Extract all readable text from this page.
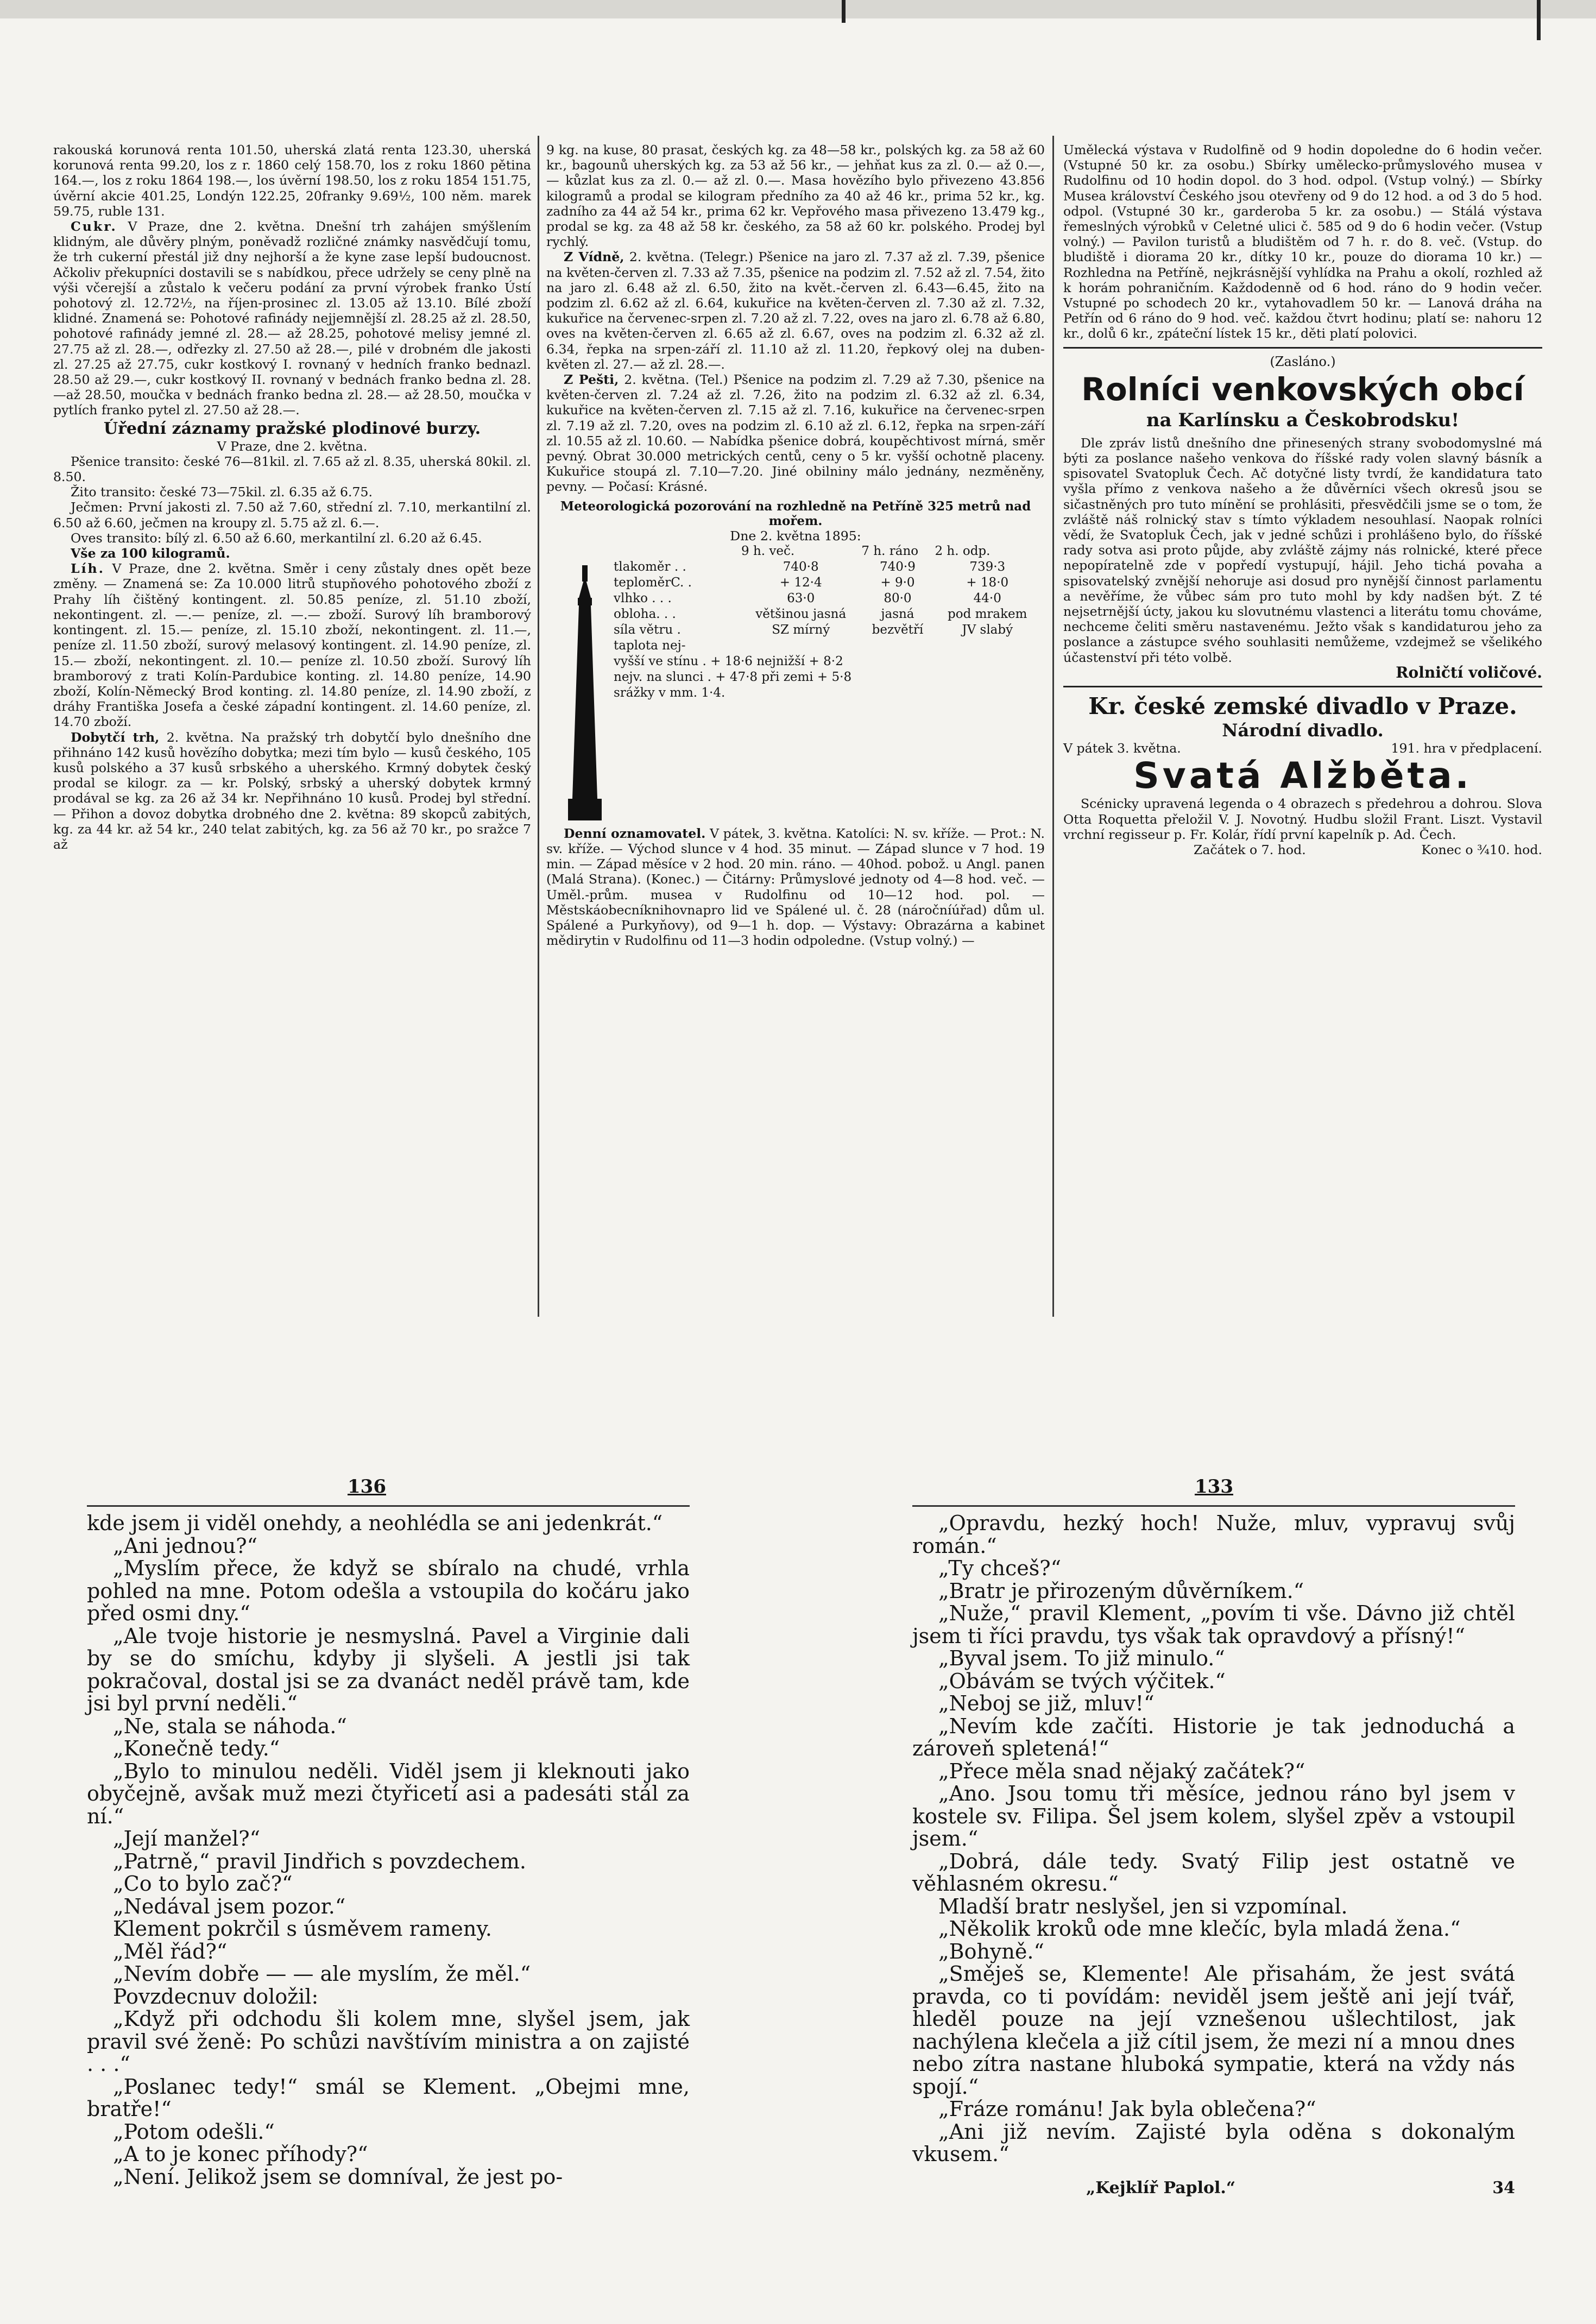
rakouská korunová renta 101.50, uherská zlatá renta 123.30, uherská korunová renta 99.20, los z r. 1860 celý 158.70, los z roku 1860 pětina 164.—, los z roku 1864 198.—, los úvěrní 198.50, los z roku 1854 151.75, úvěrní akcie 401.25, Londýn 122.25, 20franky 9.69½, 100 něm. marek 59.75, ruble 131.

Cukr. V Praze, dne 2. května. Dnešní trh zahájen smýšlením klidným, ale důvěry plným, poněvadž rozličné známky nasvědčují tomu, že trh cukerní přestál již dny nejhorší a že kyne zase lepší budoucnost. Ačkoliv překupníci dostavili se s nabídkou, přece udržely se ceny plně na výši včerejší a zůstalo k večeru podání za první výrobek franko Ústí pohotový zl. 12.72½, na říjen-prosinec zl. 13.05 až 13.10. Bílé zboží klidné. Znamená se: Pohotové rafinády nejjemnější zl. 28.25 až zl. 28.50, pohotové rafinády jemné zl. 28.— až 28.25, pohotové melisy jemné zl. 27.75 až zl. 28.—, odřezky zl. 27.50 až 28.—, pilé v drobném dle jakosti zl. 27.25 až 27.75, cukr kostkový I. rovnaný v hedních franko bednazl. 28.50 až 29.—, cukr kostkový II. rovnaný v bednách franko bedna zl. 28.—až 28.50, moučka v bednách franko bedna zl. 28.— až 28.50, moučka v pytlích franko pytel zl. 27.50 až 28.—.

Úřední záznamy pražské plodinové burzy.

V Praze, dne 2. května.

Pšenice transito: české 76—81kil. zl. 7.65 až zl. 8.35, uherská 80kil. zl. 8.50.

Žito transito: české 73—75kil. zl. 6.35 až 6.75.

Ječmen: První jakosti zl. 7.50 až 7.60, střední zl. 7.10, merkantilní zl. 6.50 až 6.60, ječmen na kroupy zl. 5.75 až zl. 6.—.

Oves transito: bílý zl. 6.50 až 6.60, merkantilní zl. 6.20 až 6.45.

Vše za 100 kilogramů.

Líh. V Praze, dne 2. května. Směr i ceny zůstaly dnes opět beze změny. — Znamená se: Za 10.000 litrů stupňového pohotového zboží z Prahy líh čištěný kontingent. zl. 50.85 peníze, zl. 51.10 zboží, nekontingent. zl. —.— peníze, zl. —.— zboží. Surový líh bramborový kontingent. zl. 15.— peníze, zl. 15.10 zboží, nekontingent. zl. 11.—, peníze zl. 11.50 zboží, surový melasový kontingent. zl. 14.90 peníze, zl. 15.— zboží, nekontingent. zl. 10.— peníze zl. 10.50 zboží. Surový líh bramborový z trati Kolín-Pardubice konting. zl. 14.80 peníze, 14.90 zboží, Kolín-Německý Brod konting. zl. 14.80 peníze, zl. 14.90 zboží, z dráhy Františka Josefa a české západní kontingent. zl. 14.60 peníze, zl. 14.70 zboží.

Dobytčí trh, 2. května. Na pražský trh dobytčí bylo dnešního dne přihnáno 142 kusů hovězího dobytka; mezi tím bylo — kusů českého, 105 kusů polského a 37 kusů srbského a uherského. Krmný dobytek český prodal se kilogr. za — kr. Polský, srbský a uherský dobytek krmný prodával se kg. za 26 až 34 kr. Nepřihnáno 10 kusů. Prodej byl střední. — Přihon a dovoz dobytka drobného dne 2. května: 89 skopců zabitých, kg. za 44 kr. až 54 kr., 240 telat zabitých, kg. za 56 až 70 kr., po sražce 7 až

9 kg. na kuse, 80 prasat, českých kg. za 48—58 kr., polských kg. za 58 až 60 kr., bagounů uherských kg. za 53 až 56 kr., — jehňat kus za zl. 0.— až 0.—, — kůzlat kus za zl. 0.— až zl. 0.—. Masa hovězího bylo přivezeno 43.856 kilogramů a prodal se kilogram předního za 40 až 46 kr., prima 52 kr., kg. zadního za 44 až 54 kr., prima 62 kr. Vepřového masa přivezeno 13.479 kg., prodal se kg. za 48 až 58 kr. českého, za 58 až 60 kr. polského. Prodej byl rychlý.

Z Vídně, 2. května. (Telegr.) Pšenice na jaro zl. 7.37 až zl. 7.39, pšenice na květen-červen zl. 7.33 až 7.35, pšenice na podzim zl. 7.52 až zl. 7.54, žito na jaro zl. 6.48 až zl. 6.50, žito na květ.-červen zl. 6.43—6.45, žito na podzim zl. 6.62 až zl. 6.64, kukuřice na květen-červen zl. 7.30 až zl. 7.32, kukuřice na červenec-srpen zl. 7.20 až zl. 7.22, oves na jaro zl. 6.78 až 6.80, oves na květen-červen zl. 6.65 až zl. 6.67, oves na podzim zl. 6.32 až zl. 6.34, řepka na srpen-září zl. 11.10 až zl. 11.20, řepkový olej na duben-květen zl. 27.— až zl. 28.—.

Z Pešti, 2. května. (Tel.) Pšenice na podzim zl. 7.29 až 7.30, pšenice na květen-červen zl. 7.24 až zl. 7.26, žito na podzim zl. 6.32 až zl. 6.34, kukuřice na květen-červen zl. 7.15 až zl. 7.16, kukuřice na červenec-srpen zl. 7.19 až zl. 7.20, oves na podzim zl. 6.10 až zl. 6.12, řepka na srpen-září zl. 10.55 až zl. 10.60. — Nabídka pšenice dobrá, koupěchtivost mírná, směr pevný. Obrat 30.000 metrických centů, ceny o 5 kr. vyšší ochotně placeny. Kukuřice stoupá zl. 7.10—7.20. Jiné obilniny málo jednány, nezměněny, pevny. — Počasí: Krásné.

Meteorologická pozorování na rozhledně na Petříně 325 metrů nad mořem.
Dne 2. května 1895:
	9 h. več.	7 h. ráno	2 h. odp.
tlakoměr . .	740·8	740·9	739·3
teploměrC. .	+ 12·4	+ 9·0	+ 18·0
vlhko . . .	63·0	80·0	44·0
obloha. . .	většinou jasná	jasná	pod mrakem
síla větru .	SZ mírný	bezvětří	JV slabý
taplota nej-			
vyšší ve stínu . + 18·6 nejnižší + 8·2			
nejv. na slunci . + 47·8 při zemi + 5·8			
srážky v mm. 1·4.			

Denní oznamovatel. V pátek, 3. května. Katolíci: N. sv. kříže. — Prot.: N. sv. kříže. — Východ slunce v 4 hod. 35 minut. — Západ slunce v 7 hod. 19 min. — Západ měsíce v 2 hod. 20 min. ráno. — 40hod. pobož. u Angl. panen (Malá Strana). (Konec.) — Čitárny: Průmyslové jednoty od 4—8 hod. več. — Uměl.-prům. musea v Rudolfinu od 10—12 hod. pol. — Městskáobecníknihovnapro lid ve Spálené ul. č. 28 (náročníúřad) dům ul. Spálené a Purkyňovy), od 9—1 h. dop. — Výstavy: Obrazárna a kabinet mědirytin v Rudolfinu od 11—3 hodin odpoledne. (Vstup volný.) —

Umělecká výstava v Rudolfině od 9 hodin dopoledne do 6 hodin večer. (Vstupné 50 kr. za osobu.) Sbírky umělecko-průmyslového musea v Rudolfinu od 10 hodin dopol. do 3 hod. odpol. (Vstup volný.) — Sbírky Musea království Českého jsou otevřeny od 9 do 12 hod. a od 3 do 5 hod. odpol. (Vstupné 30 kr., garderoba 5 kr. za osobu.) — Stálá výstava řemeslných výrobků v Celetné ulici č. 585 od 9 do 6 hodin večer. (Vstup volný.) — Pavilon turistů a bludištěm od 7 h. r. do 8. več. (Vstup. do bludiště i diorama 20 kr., dítky 10 kr., pouze do diorama 10 kr.) — Rozhledna na Petříně, nejkrásnější vyhlídka na Prahu a okolí, rozhled až k horám pohraničním. Každodenně od 6 hod. ráno do 9 hodin večer. Vstupné po schodech 20 kr., vytahovadlem 50 kr. — Lanová dráha na Petřín od 6 ráno do 9 hod. več. každou čtvrt hodinu; platí se: nahoru 12 kr., dolů 6 kr., zpáteční lístek 15 kr., děti platí polovici.

(Zasláno.)
Rolníci venkovských obcí
na Karlínsku a Českobrodsku!

Dle zpráv listů dnešního dne přinesených strany svobodomyslné má býti za poslance našeho venkova do říšské rady volen slavný básník a spisovatel Svatopluk Čech. Ač dotyčné listy tvrdí, že kandidatura tato vyšla přímo z venkova našeho a že důvěrníci všech okresů jsou se sičastněných pro tuto mínění se prohlásiti, přesvědčili jsme se o tom, že zvláště náš rolnický stav s tímto výkladem nesouhlasí. Naopak rolníci vědí, že Svatopluk Čech, jak v jedné schůzi i prohlášeno bylo, do říšské rady sotva asi proto půjde, aby zvláště zájmy nás rolnické, které přece nepopíratelně zde v popředí vystupují, hájil. Jeho tichá povaha a spisovatelský zvnější nehoruje asi dosud pro nynější činnost parlamentu a nevěříme, že vůbec sám pro tuto mohl by kdy nadšen být. Z té nejsetrnější úcty, jakou ku slovutnému vlastenci a literátu tomu chováme, nechceme čeliti směru nastavenému. Ježto však s kandidaturou jeho za poslance a zástupce svého souhlasiti nemůžeme, vzdejmež se všelikého účastenství při této volbě.

Rolničtí voličové.
Kr. české zemské divadlo v Praze.
Národní divadlo.
V pátek 3. května.	191. hra v předplacení.
Svatá Alžběta.

Scénicky upravená legenda o 4 obrazech s předehrou a dohrou. Slova Otta Roquetta přeložil V. J. Novotný. Hudbu složil Frant. Liszt. Vystavil vrchní regisseur p. Fr. Kolár, řídí první kapelník p. Ad. Čech.

Začátek o 7. hod.	Konec o ¾10. hod.
136	133

kde jsem ji viděl onehdy, a neohlédla se ani jedenkrát.“

„Ani jednou?“

„Myslím přece, že když se sbíralo na chudé, vrhla pohled na mne. Potom odešla a vstoupila do kočáru jako před osmi dny.“

„Ale tvoje historie je nesmyslná. Pavel a Virginie dali by se do smíchu, kdyby ji slyšeli. A jestli jsi tak pokračoval, dostal jsi se za dvanáct neděl právě tam, kde jsi byl první neděli.“

„Ne, stala se náhoda.“

„Konečně tedy.“

„Bylo to minulou neděli. Viděl jsem ji kleknouti jako obyčejně, avšak muž mezi čtyřicetí asi a padesáti stál za ní.“

„Její manžel?“

„Patrně,“ pravil Jindřich s povzdechem.

„Co to bylo zač?“

„Nedával jsem pozor.“

Klement pokrčil s úsměvem rameny.

„Měl řád?“

„Nevím dobře — — ale myslím, že měl.“

Povzdecnuv doložil:

„Když při odchodu šli kolem mne, slyšel jsem, jak pravil své ženě: Po schůzi navštívím ministra a on zajisté . . .“

„Poslanec tedy!“ smál se Klement. „Obejmi mne, bratře!“

„Potom odešli.“

„A to je konec příhody?“

„Není. Jelikož jsem se domníval, že jest po-

„Opravdu, hezký hoch! Nuže, mluv, vypravuj svůj román.“

„Ty chceš?“

„Bratr je přirozeným důvěrníkem.“

„Nuže,“ pravil Klement, „povím ti vše. Dávno již chtěl jsem ti říci pravdu, tys však tak opravdový a přísný!“

„Byval jsem. To již minulo.“

„Obávám se tvých výčitek.“

„Neboj se již, mluv!“

„Nevím kde začíti. Historie je tak jednoduchá a zároveň spletená!“

„Přece měla snad nějaký začátek?“

„Ano. Jsou tomu tři měsíce, jednou ráno byl jsem v kostele sv. Filipa. Šel jsem kolem, slyšel zpěv a vstoupil jsem.“

„Dobrá, dále tedy. Svatý Filip jest ostatně ve věhlasném okresu.“

Mladší bratr neslyšel, jen si vzpomínal.

„Několik kroků ode mne klečíc, byla mladá žena.“

„Bohyně.“

„Směješ se, Klemente! Ale přisahám, že jest svátá pravda, co ti povídám: neviděl jsem ještě ani její tvář, hleděl pouze na její vznešenou ušlechtilost, jak nachýlena klečela a již cítil jsem, že mezi ní a mnou dnes nebo zítra nastane hluboká sympatie, která na vždy nás spojí.“

„Fráze románu! Jak byla oblečena?“

„Ani již nevím. Zajisté byla oděna s dokonalým vkusem.“

„Kejklíř Paplol.“	34
